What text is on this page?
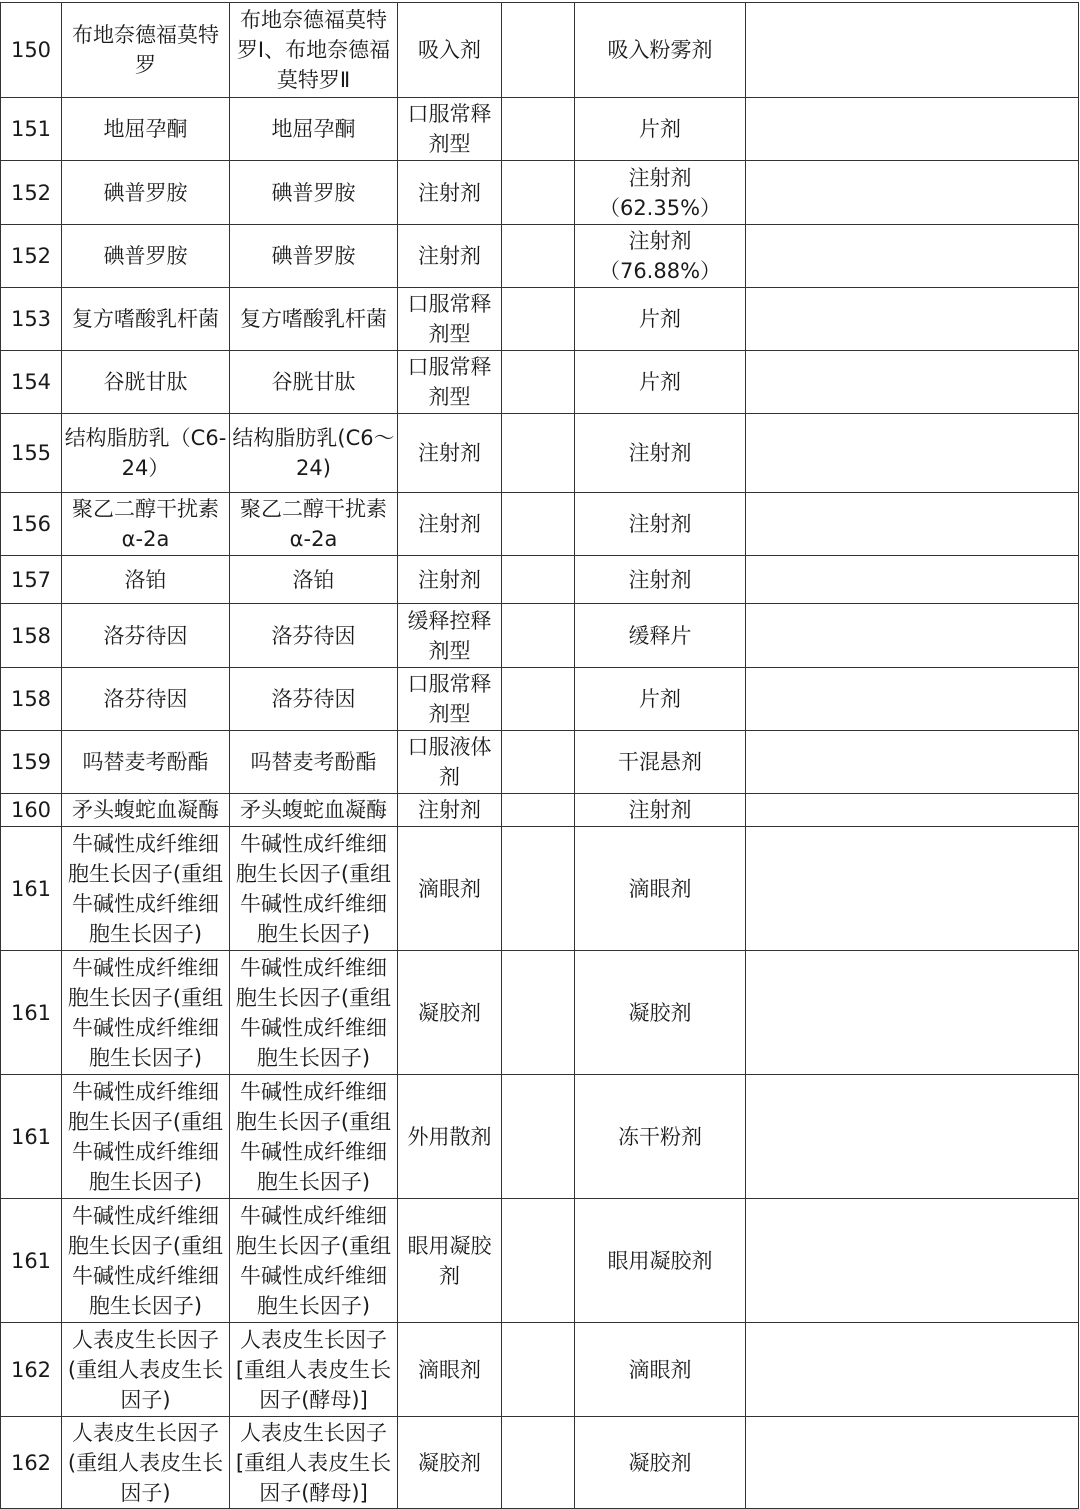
150	布地奈德福莫特罗	布地奈德福莫特罗Ⅰ、布地奈德福莫特罗Ⅱ	吸入剂		吸入粉雾剂	
151	地屈孕酮	地屈孕酮	口服常释剂型		片剂	
152	碘普罗胺	碘普罗胺	注射剂		注射剂（62.35%）	
152	碘普罗胺	碘普罗胺	注射剂		注射剂（76.88%）	
153	复方嗜酸乳杆菌	复方嗜酸乳杆菌	口服常释剂型		片剂	
154	谷胱甘肽	谷胱甘肽	口服常释剂型		片剂	
155	结构脂肪乳（C6-24）	结构脂肪乳(C6～24)	注射剂		注射剂	
156	聚乙二醇干扰素α-2a	聚乙二醇干扰素α-2a	注射剂		注射剂	
157	洛铂	洛铂	注射剂		注射剂	
158	洛芬待因	洛芬待因	缓释控释剂型		缓释片	
158	洛芬待因	洛芬待因	口服常释剂型		片剂	
159	吗替麦考酚酯	吗替麦考酚酯	口服液体剂		干混悬剂	
160	矛头蝮蛇血凝酶	矛头蝮蛇血凝酶	注射剂		注射剂	
161	牛碱性成纤维细胞生长因子(重组牛碱性成纤维细胞生长因子)	牛碱性成纤维细胞生长因子(重组牛碱性成纤维细胞生长因子)	滴眼剂		滴眼剂	
161	牛碱性成纤维细胞生长因子(重组牛碱性成纤维细胞生长因子)	牛碱性成纤维细胞生长因子(重组牛碱性成纤维细胞生长因子)	凝胶剂		凝胶剂	
161	牛碱性成纤维细胞生长因子(重组牛碱性成纤维细胞生长因子)	牛碱性成纤维细胞生长因子(重组牛碱性成纤维细胞生长因子)	外用散剂		冻干粉剂	
161	牛碱性成纤维细胞生长因子(重组牛碱性成纤维细胞生长因子)	牛碱性成纤维细胞生长因子(重组牛碱性成纤维细胞生长因子)	眼用凝胶剂		眼用凝胶剂	
162	人表皮生长因子(重组人表皮生长因子)	人表皮生长因子[重组人表皮生长因子(酵母)]	滴眼剂		滴眼剂	
162	人表皮生长因子(重组人表皮生长因子)	人表皮生长因子[重组人表皮生长因子(酵母)]	凝胶剂		凝胶剂	
